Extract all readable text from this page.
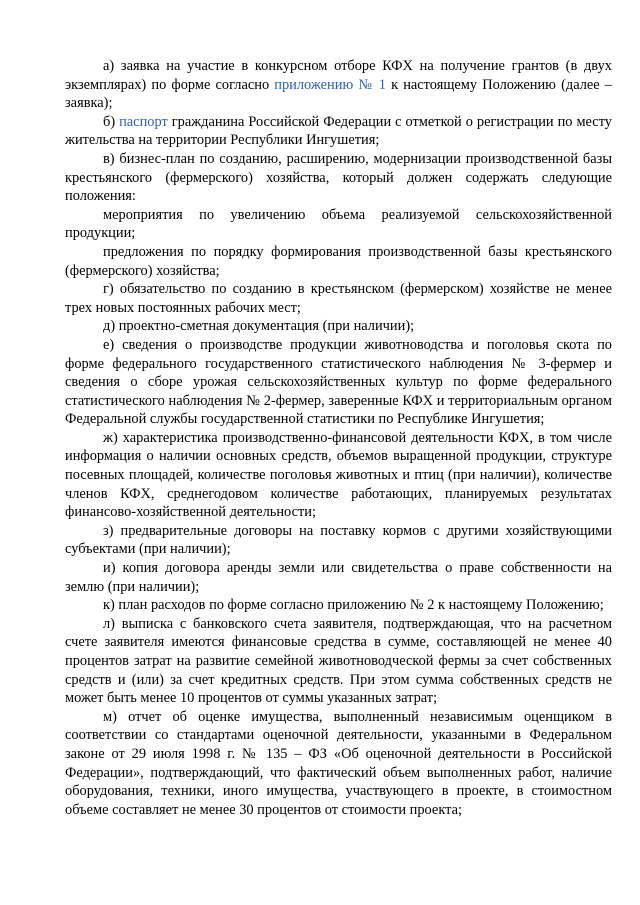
а) заявка на участие в конкурсном отборе КФХ на получение грантов (в двух экземплярах) по форме согласно приложению № 1 к настоящему Положению (далее – заявка);

б) паспорт гражданина Российской Федерации с отметкой о регистрации по месту жительства на территории Республики Ингушетия;

в) бизнес-план по созданию, расширению, модернизации производственной базы крестьянского (фермерского) хозяйства, который должен содержать следующие положения:

мероприятия по увеличению объема реализуемой сельскохозяйственной продукции;

предложения по порядку формирования производственной базы крестьянского (фермерского) хозяйства;

г) обязательство по созданию в крестьянском (фермерском) хозяйстве не менее трех новых постоянных рабочих мест;

д) проектно-сметная документация (при наличии);

е) сведения о производстве продукции животноводства и поголовья скота по форме федерального государственного статистического наблюдения № 3-фермер и сведения о сборе урожая сельскохозяйственных культур по форме федерального статистического наблюдения № 2-фермер, заверенные КФХ и территориальным органом Федеральной службы государственной статистики по Республике Ингушетия;

ж) характеристика производственно-финансовой деятельности КФХ, в том числе информация о наличии основных средств, объемов выращенной продукции, структуре посевных площадей, количестве поголовья животных и птиц (при наличии), количестве членов КФХ, среднегодовом количестве работающих, планируемых результатах финансово-хозяйственной деятельности;

з) предварительные договоры на поставку кормов с другими хозяйствующими субъектами (при наличии);

и) копия договора аренды земли или свидетельства о праве собственности на землю (при наличии);

к) план расходов по форме согласно приложению № 2 к настоящему Положению;

л) выписка с банковского счета заявителя, подтверждающая, что на расчетном счете заявителя имеются финансовые средства в сумме, составляющей не менее 40 процентов затрат на развитие семейной животноводческой фермы за счет собственных средств и (или) за счет кредитных средств. При этом сумма собственных средств не может быть менее 10 процентов от суммы указанных затрат;

м) отчет об оценке имущества, выполненный независимым оценщиком в соответствии со стандартами оценочной деятельности, указанными в Федеральном законе от 29 июля 1998 г. № 135 – ФЗ «Об оценочной деятельности в Российской Федерации», подтверждающий, что фактический объем выполненных работ, наличие оборудования, техники, иного имущества, участвующего в проекте, в стоимостном объеме составляет не менее 30 процентов от стоимости проекта;
